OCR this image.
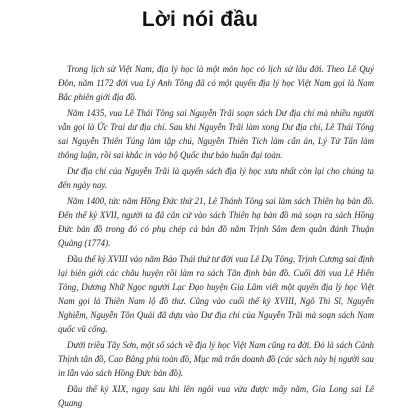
Lời nói đầu

Trong lịch sử Việt Nam, địa lý học là một môn học có lịch sử lâu đời. Theo Lê Quý Đôn, năm 1172 đời vua Lý Anh Tông đã có một quyển địa lý học Việt Nam gọi là Nam Bắc phiên giới địa đồ.

Năm 1435, vua Lê Thái Tông sai Nguyễn Trãi soạn sách Dư địa chí mà nhiều người vẫn gọi là Ức Trai dư địa chí. Sau khi Nguyễn Trãi làm xong Dư địa chí, Lê Thái Tông sai Nguyễn Thiên Túng làm tập chú, Nguyễn Thiên Tích làm cẩn án, Lý Tử Tấn làm thông luận, rồi sai khắc in vào bộ Quốc thư bảo huấn đại toàn.

Dư địa chí của Nguyễn Trãi là quyển sách địa lý học xưa nhất còn lại cho chúng ta đến ngày nay.

Năm 1400, tức năm Hồng Đức thứ 21, Lê Thánh Tông sai làm sách Thiên hạ bản đồ. Đến thế kỷ XVII, người ta đã căn cứ vào sách Thiên hạ bản đồ mà soạn ra sách Hồng Đức bản đồ trong đó có phụ chép cả bản đồ năm Trịnh Sâm đem quân đánh Thuận Quảng (1774).

Đầu thế kỷ XVIII vào năm Bảo Thái thứ tư đời vua Lê Dụ Tông, Trịnh Cương sai định lại biên giới các châu huyện rồi làm ra sách Tân định bản đồ. Cuối đời vua Lê Hiển Tông, Dương Nhữ Ngọc người Lạc Đạo huyện Gia Lâm viết một quyển địa lý học Việt Nam gọi là Thiên Nam lộ đồ thư. Cũng vào cuối thế kỷ XVIII, Ngô Thì Sĩ, Nguyễn Nghiễm, Nguyễn Tôn Quải đã dựa vào Dư địa chí của Nguyễn Trãi mà soạn sách Nam quốc vũ cống.

Dưới triều Tây Sơn, một số sách về địa lý học Việt Nam cũng ra đời. Đó là sách Cảnh Thịnh tân đồ, Cao Bằng phủ toàn đồ, Mục mã trấn doanh đồ (các sách này bị người sau in lẫn vào sách Hồng Đức bản đồ).

Đầu thế kỷ XIX, ngay sau khi lên ngôi vua vừa được mấy năm, Gia Long sai Lê Quang
